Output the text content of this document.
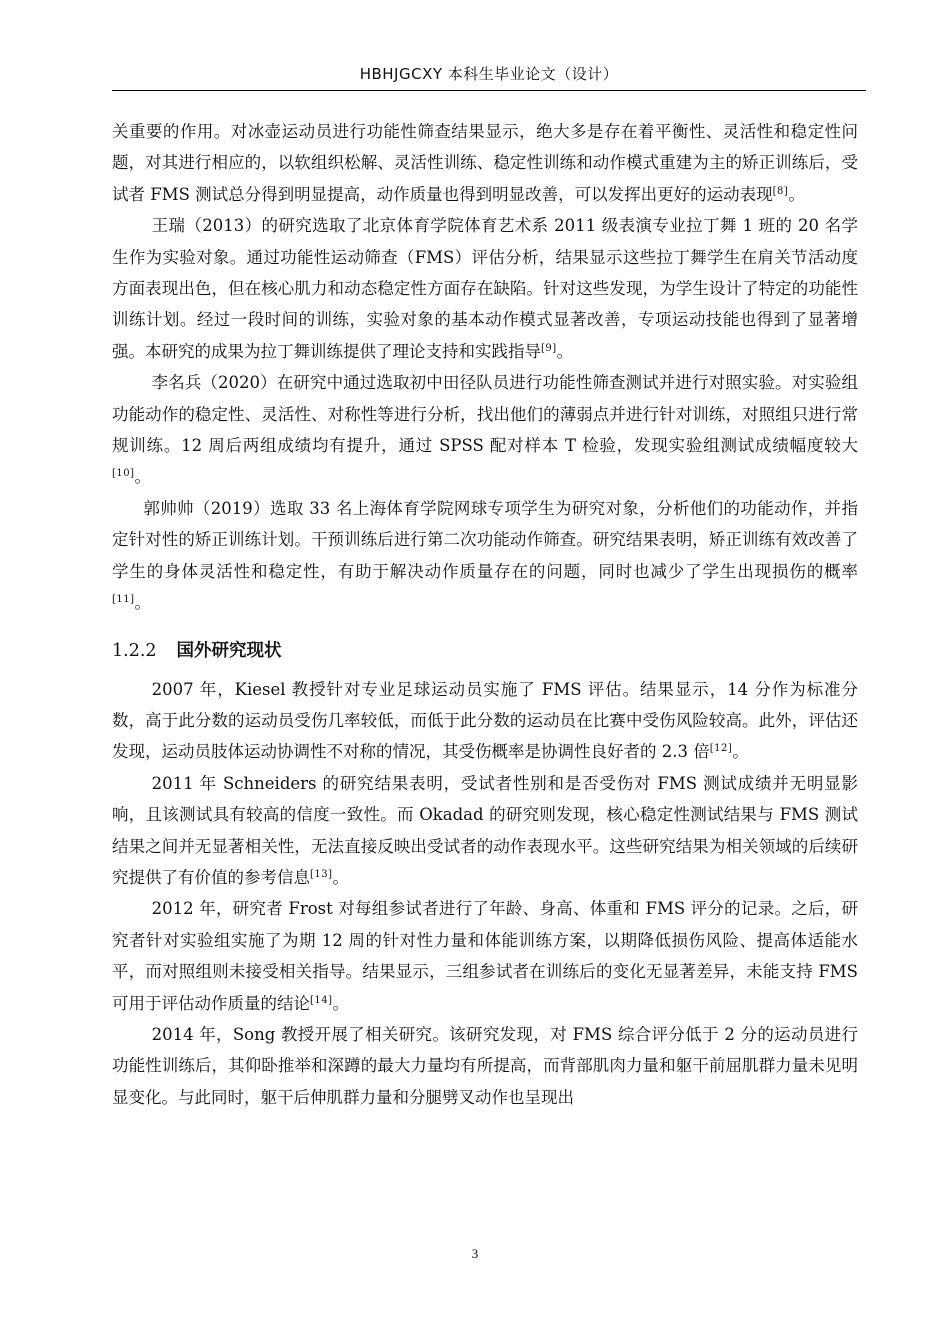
HBHJGCXY 本科生毕业论文（设计）

关重要的作用。对冰壶运动员进行功能性筛查结果显示，绝大多是存在着平衡性、灵活性和稳定性问题，对其进行相应的，以软组织松解、灵活性训练、稳定性训练和动作模式重建为主的矫正训练后，受试者 FMS 测试总分得到明显提高，动作质量也得到明显改善，可以发挥出更好的运动表现[8]。

王瑞（2013）的研究选取了北京体育学院体育艺术系 2011 级表演专业拉丁舞 1 班的 20 名学生作为实验对象。通过功能性运动筛查（FMS）评估分析，结果显示这些拉丁舞学生在肩关节活动度方面表现出色，但在核心肌力和动态稳定性方面存在缺陷。针对这些发现，为学生设计了特定的功能性训练计划。经过一段时间的训练，实验对象的基本动作模式显著改善，专项运动技能也得到了显著增强。本研究的成果为拉丁舞训练提供了理论支持和实践指导[9]。

李名兵（2020）在研究中通过选取初中田径队员进行功能性筛查测试并进行对照实验。对实验组功能动作的稳定性、灵活性、对称性等进行分析，找出他们的薄弱点并进行针对训练，对照组只进行常规训练。12 周后两组成绩均有提升，通过 SPSS 配对样本 T 检验，发现实验组测试成绩幅度较大[10]。

郭帅帅（2019）选取 33 名上海体育学院网球专项学生为研究对象，分析他们的功能动作，并指定针对性的矫正训练计划。干预训练后进行第二次功能动作筛查。研究结果表明，矫正训练有效改善了学生的身体灵活性和稳定性，有助于解决动作质量存在的问题，同时也减少了学生出现损伤的概率[11]。

1.2.2 国外研究现状

2007 年，Kiesel 教授针对专业足球运动员实施了 FMS 评估。结果显示，14 分作为标准分数，高于此分数的运动员受伤几率较低，而低于此分数的运动员在比赛中受伤风险较高。此外，评估还发现，运动员肢体运动协调性不对称的情况，其受伤概率是协调性良好者的 2.3 倍[12]。

2011 年 Schneiders 的研究结果表明，受试者性别和是否受伤对 FMS 测试成绩并无明显影响，且该测试具有较高的信度一致性。而 Okadad 的研究则发现，核心稳定性测试结果与 FMS 测试结果之间并无显著相关性，无法直接反映出受试者的动作表现水平。这些研究结果为相关领域的后续研究提供了有价值的参考信息[13]。

2012 年，研究者 Frost 对每组参试者进行了年龄、身高、体重和 FMS 评分的记录。之后，研究者针对实验组实施了为期 12 周的针对性力量和体能训练方案，以期降低损伤风险、提高体适能水平，而对照组则未接受相关指导。结果显示，三组参试者在训练后的变化无显著差异，未能支持 FMS 可用于评估动作质量的结论[14]。

2014 年，Song 教授开展了相关研究。该研究发现，对 FMS 综合评分低于 2 分的运动员进行功能性训练后，其仰卧推举和深蹲的最大力量均有所提高，而背部肌肉力量和躯干前屈肌群力量未见明显变化。与此同时，躯干后伸肌群力量和分腿劈叉动作也呈现出

3
